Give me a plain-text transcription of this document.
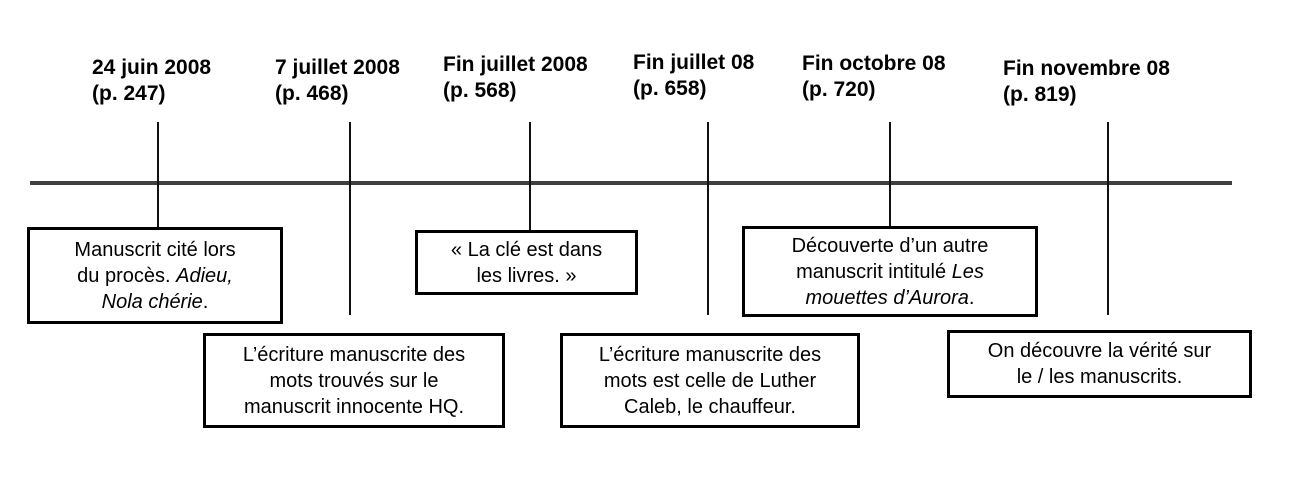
24 juin 2008
(p. 247)
7 juillet 2008
(p. 468)
Fin juillet 2008
(p. 568)
Fin juillet 08
(p. 658)
Fin octobre 08
(p. 720)
Fin novembre 08
(p. 819)
Manuscrit cité lors
du procès. Adieu,
Nola chérie.
« La clé est dans
les livres. »
Découverte d’un autre
manuscrit intitulé Les
mouettes d’Aurora.
L’écriture manuscrite des
mots trouvés sur le
manuscrit innocente HQ.
L’écriture manuscrite des
mots est celle de Luther
Caleb, le chauffeur.
On découvre la vérité sur
le / les manuscrits.
